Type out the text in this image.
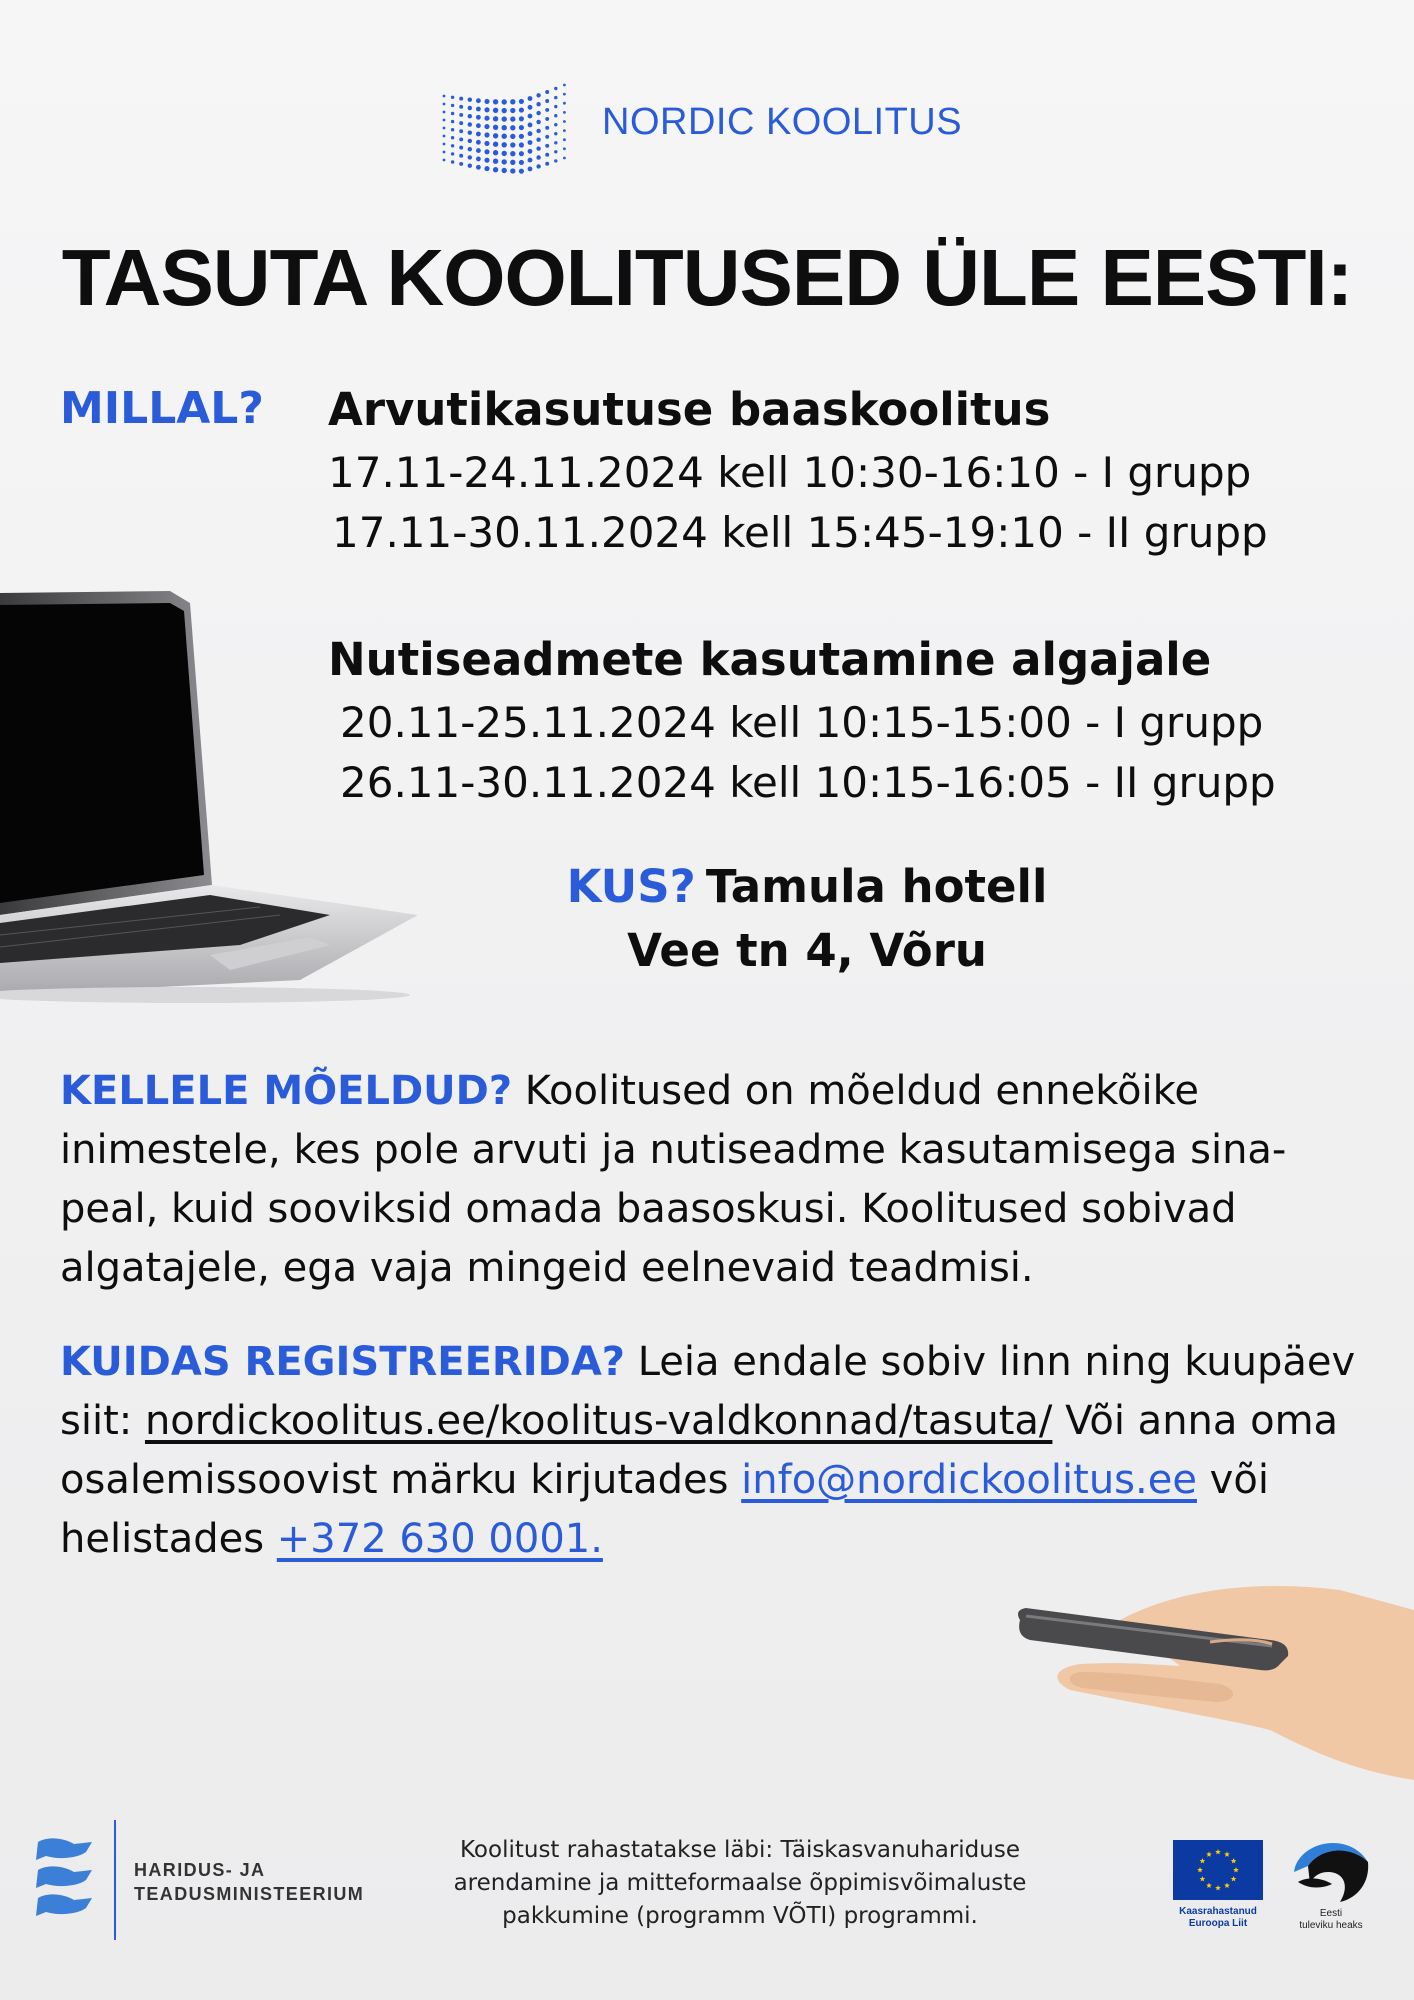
NORDIC KOOLITUS
TASUTA KOOLITUSED ÜLE EESTI:
MILLAL? Arvutikasutuse baaskoolitus
17.11-24.11.2024 kell 10:30-16:10 - I grupp
17.11-30.11.2024 kell 15:45-19:10 - II grupp
Nutiseadmete kasutamine algajale
20.11-25.11.2024 kell 10:15-15:00 - I grupp
26.11-30.11.2024 kell 10:15-16:05 - II grupp
KUS? Tamula hotell
Vee tn 4, Võru
KELLELE MÕELDUD? Koolitused on mõeldud ennekõike inimestele, kes pole arvuti ja nutiseadme kasutamisega sina-peal, kuid sooviksid omada baasoskusi. Koolitused sobivad algatajele, ega vaja mingeid eelnevaid teadmisi.
KUIDAS REGISTREERIDA? Leia endale sobiv linn ning kuupäev siit: nordickoolitus.ee/koolitus-valdkonnad/tasuta/ Või anna oma osalemissoovist märku kirjutades info@nordickoolitus.ee või helistades +372 630 0001.
HARIDUS- JA
TEADUSMINISTEERIUM
Koolitust rahastatakse läbi: Täiskasvanuhariduse arendamine ja mitteformaalse õppimisvõimaluste pakkumine (programm VÕTI) programmi.	Kaasrahastanud
Euroopa Liit
Eesti
tuleviku heaks
